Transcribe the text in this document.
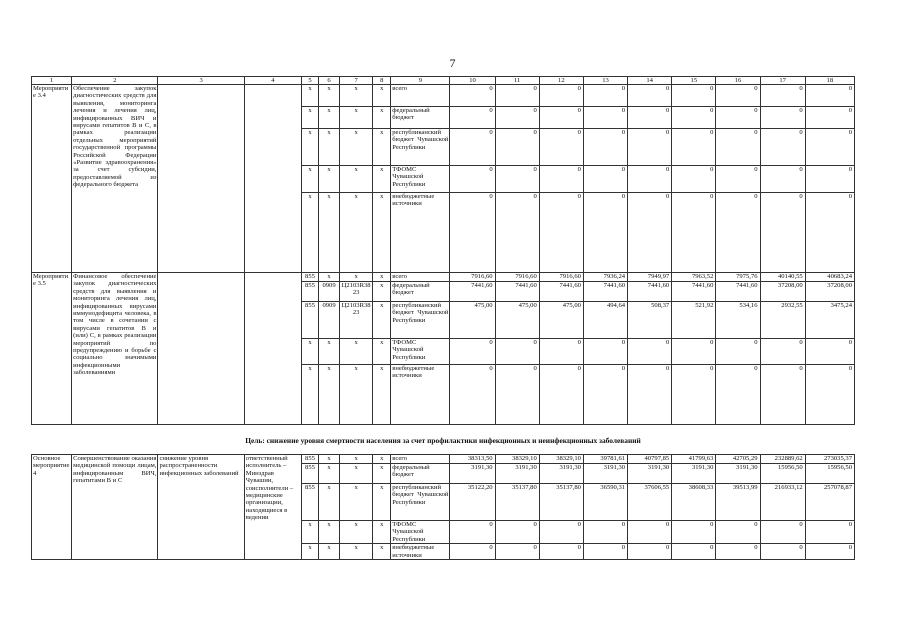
7
1	2	3	4	5	6	7	8	9	10	11	12	13	14	15	16	17	18
Мероприятие 3.4	Обеспечение закупок диагностических средств для выявления, мониторинга лечения и лечения лиц, инфицированных ВИЧ и вирусами гепатитов В и С, в рамках реализации отдельных мероприятий государственной программы Российской Федерации «Развитие здравоохранения» за счет субсидии, предоставляемой из федерального бюджета			x	x	x	x	всего	0	0	0	0	0	0	0	0	0
				x	x	x	x	федеральный бюджет	0	0	0	0	0	0	0	0	0
				x	x	x	x	республиканский бюджет Чувашской Республики	0	0	0	0	0	0	0	0	0
				x	x	x	x	ТФОМС Чувашской Республики	0	0	0	0	0	0	0	0	0
				x	x	x	x	внебюджетные источники	0	0	0	0	0	0	0	0	0
Мероприятие 3.5	Финансовое обеспечение закупок диагностических средств для выявления и мониторинга лечения лиц, инфицированных вирусами иммунодефицита человека, в том числе в сочетании с вирусами гепатитов В и (или) С, в рамках реализации мероприятий по предупреждению и борьбе с социально значимыми инфекционными заболеваниями			855	x	x	x	всего	7916,60	7916,60	7916,60	7936,24	7949,97	7963,52	7975,76	40140,55	40683,24
				855	0909	Ц2103R3823	x	федеральный бюджет	7441,60	7441,60	7441,60	7441,60	7441,60	7441,60	7441,60	37208,00	37208,00
				855	0909	Ц2103R3823	x	республиканский бюджет Чувашской Республики	475,00	475,00	475,00	494,64	508,37	521,92	534,16	2932,55	3475,24
				x	x	x	x	ТФОМС Чувашской Республики	0	0	0	0	0	0	0	0	0
				x	x	x	x	внебюджетные источники	0	0	0	0	0	0	0	0	0
Цель: снижение уровня смертности населения за счет профилактики инфекционных и неинфекционных заболеваний
Основное мероприятие 4	Совершенствование оказания медицинской помощи лицам, инфицированным ВИЧ, гепатитами В и С	снижение уровня распространенности инфекционных заболеваний	ответственный исполнитель – Минздрав Чувашии, соисполнители – медицинские организации, находящиеся в ведении	855	x	x	x	всего	38313,50	38329,10	38329,10	39781,61	40797,85	41799,63	42705,29	232889,62	273035,37
				855	x	x	x	федеральный бюджет	3191,30	3191,30	3191,30	3191,30	3191,30	3191,30	3191,30	15956,50	15956,50
				855	x	x	x	республиканский бюджет Чувашской Республики	35122,20	35137,80	35137,80	36590,31	37606,55	38608,33	39513,99	216933,12	257078,87
				x	x	x	x	ТФОМС Чувашской Республики	0	0	0	0	0	0	0	0	0
				x	x	x	x	внебюджетные источники	0	0	0	0	0	0	0	0	0
